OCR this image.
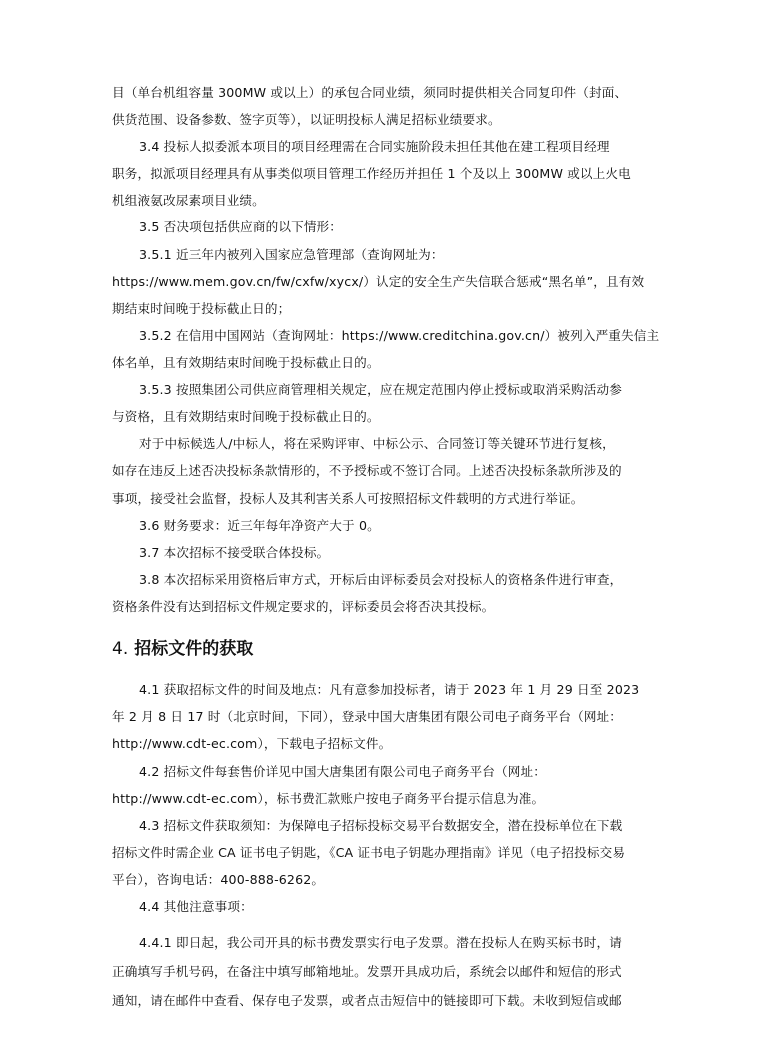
目（单台机组容量 300MW 或以上）的承包合同业绩，须同时提供相关合同复印件（封面、
供货范围、设备参数、签字页等），以证明投标人满足招标业绩要求。
3.4 投标人拟委派本项目的项目经理需在合同实施阶段未担任其他在建工程项目经理
职务，拟派项目经理具有从事类似项目管理工作经历并担任 1 个及以上 300MW 或以上火电
机组液氨改尿素项目业绩。
3.5 否决项包括供应商的以下情形：
3.5.1 近三年内被列入国家应急管理部（查询网址为：
https://www.mem.gov.cn/fw/cxfw/xycx/）认定的安全生产失信联合惩戒“黑名单”，且有效
期结束时间晚于投标截止日的；
3.5.2 在信用中国网站（查询网址：https://www.creditchina.gov.cn/）被列入严重失信主
体名单，且有效期结束时间晚于投标截止日的。
3.5.3 按照集团公司供应商管理相关规定，应在规定范围内停止授标或取消采购活动参
与资格，且有效期结束时间晚于投标截止日的。
对于中标候选人/中标人，将在采购评审、中标公示、合同签订等关键环节进行复核，
如存在违反上述否决投标条款情形的，不予授标或不签订合同。上述否决投标条款所涉及的
事项，接受社会监督，投标人及其利害关系人可按照招标文件载明的方式进行举证。
3.6 财务要求：近三年每年净资产大于 0。
3.7 本次招标不接受联合体投标。
3.8 本次招标采用资格后审方式，开标后由评标委员会对投标人的资格条件进行审查，
资格条件没有达到招标文件规定要求的，评标委员会将否决其投标。
4. 招标文件的获取
4.1 获取招标文件的时间及地点：凡有意参加投标者，请于 2023 年 1 月 29 日至 2023
年 2 月 8 日 17 时（北京时间，下同），登录中国大唐集团有限公司电子商务平台（网址：
http://www.cdt-ec.com），下载电子招标文件。
4.2 招标文件每套售价详见中国大唐集团有限公司电子商务平台（网址：
http://www.cdt-ec.com），标书费汇款账户按电子商务平台提示信息为准。
4.3 招标文件获取须知：为保障电子招标投标交易平台数据安全，潜在投标单位在下载
招标文件时需企业 CA 证书电子钥匙，《CA 证书电子钥匙办理指南》详见（电子招投标交易
平台），咨询电话：400-888-6262。
4.4 其他注意事项：
4.4.1 即日起，我公司开具的标书费发票实行电子发票。潜在投标人在购买标书时，请
正确填写手机号码，在备注中填写邮箱地址。发票开具成功后，系统会以邮件和短信的形式
通知，请在邮件中查看、保存电子发票，或者点击短信中的链接即可下载。未收到短信或邮
